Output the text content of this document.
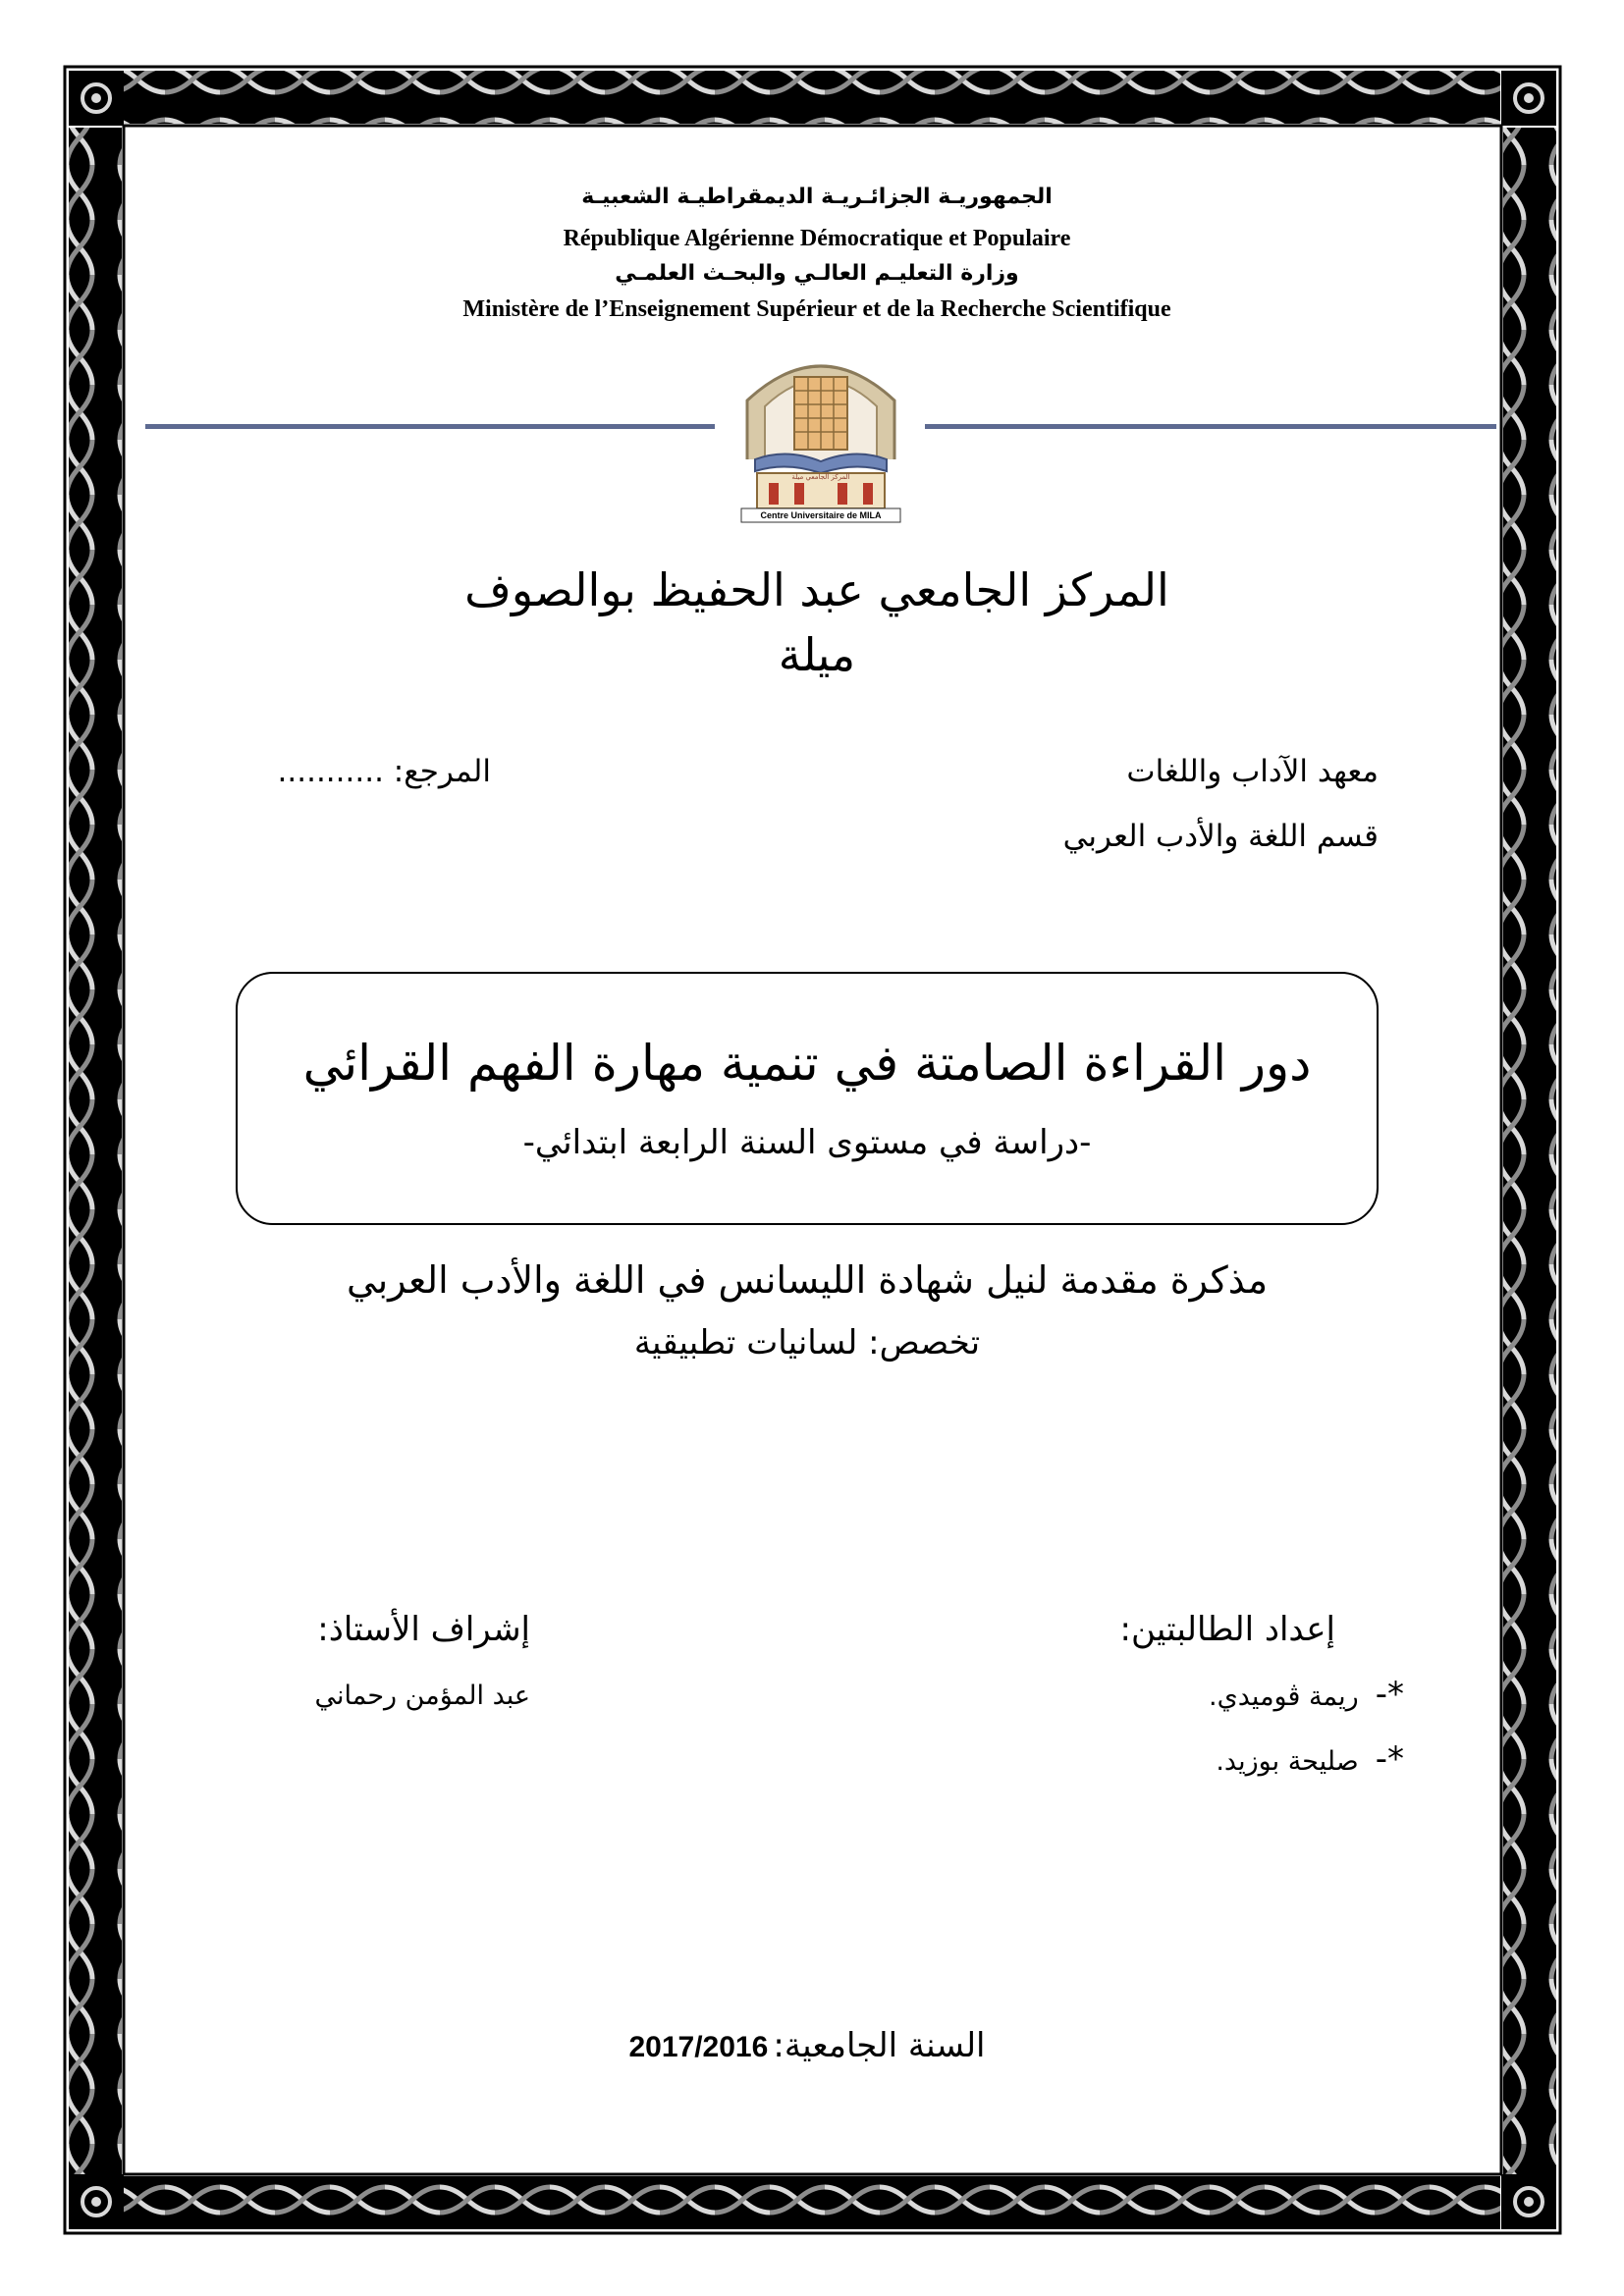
الجمهوريـة الجزائـريـة الديمقراطيـة الشعبيـة
République Algérienne Démocratique et Populaire
وزارة التعليـم العالـي والبحـث العلمـي
Ministère de l’Enseignement Supérieur et de la Recherche Scientifique
Centre Universitaire de MILA
المركز الجامعي ميلة
المركز الجامعي عبد الحفيظ بوالصوف
ميلة
معهد الآداب واللغات
قسم اللغة والأدب العربي
المرجع: ...........
دور القراءة الصامتة في تنمية مهارة الفهم القرائي
-دراسة في مستوى السنة الرابعة ابتدائي-
مذكرة مقدمة لنيل شهادة الليسانس في اللغة والأدب العربي
تخصص: لسانيات تطبيقية
إعداد الطالبتين:
*- ريمة ڤوميدي.
*- صليحة بوزيد.
إشراف الأستاذ:
عبد المؤمن رحماني
السنة الجامعية: 2017/2016
